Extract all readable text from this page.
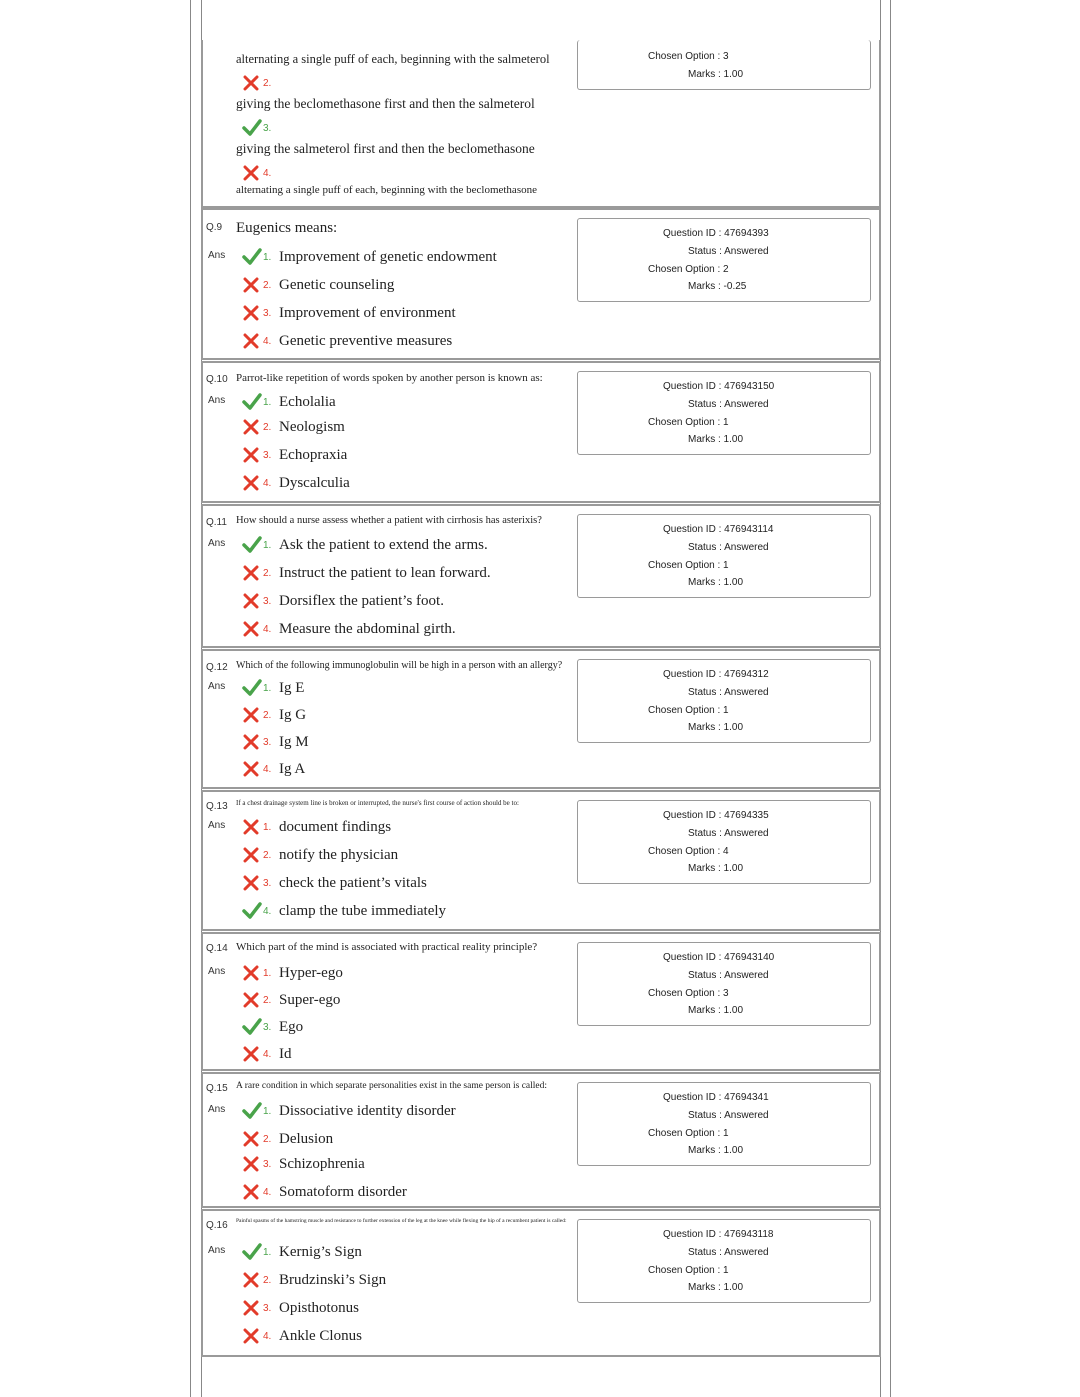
alternating a single puff of each, beginning with the salmeterol
2.
giving the beclomethasone first and then the salmeterol
3.
giving the salmeterol first and then the beclomethasone
4.
alternating a single puff of each, beginning with the beclomethasone
Chosen Option : 3
Marks : 1.00
Q.9 Eugenics means:
Ans	1. Improvement of genetic endowment
2. Genetic counseling
3. Improvement of environment
4. Genetic preventive measures
Question ID : 47694393
Status : Answered
Chosen Option : 2
Marks : -0.25
Q.10 Parrot-like repetition of words spoken by another person is known as:
Ans	1. Echolalia
2. Neologism
3. Echopraxia
4. Dyscalculia
Question ID : 476943150
Status : Answered
Chosen Option : 1
Marks : 1.00
Q.11 How should a nurse assess whether a patient with cirrhosis has asterixis?
Ans	1. Ask the patient to extend the arms.
2. Instruct the patient to lean forward.
3. Dorsiflex the patient’s foot.
4. Measure the abdominal girth.
Question ID : 476943114
Status : Answered
Chosen Option : 1
Marks : 1.00
Q.12 Which of the following immunoglobulin will be high in a person with an allergy?
Ans	1. Ig E
2. Ig G
3. Ig M
4. Ig A
Question ID : 47694312
Status : Answered
Chosen Option : 1
Marks : 1.00
Q.13 If a chest drainage system line is broken or interrupted, the nurse's first course of action should be to:
Ans	1. document findings
2. notify the physician
3. check the patient’s vitals
4. clamp the tube immediately
Question ID : 47694335
Status : Answered
Chosen Option : 4
Marks : 1.00
Q.14 Which part of the mind is associated with practical reality principle?
Ans	1. Hyper-ego
2. Super-ego
3. Ego
4. Id
Question ID : 476943140
Status : Answered
Chosen Option : 3
Marks : 1.00
Q.15 A rare condition in which separate personalities exist in the same person is called:
Ans	1. Dissociative identity disorder
2. Delusion
3. Schizophrenia
4. Somatoform disorder
Question ID : 47694341
Status : Answered
Chosen Option : 1
Marks : 1.00
Q.16 Painful spasms of the hamstring muscle and resistance to further extension of the leg at the knee while flexing the hip of a recumbent patient is called:
Ans	1. Kernig’s Sign
2. Brudzinski’s Sign
3. Opisthotonus
4. Ankle Clonus
Question ID : 476943118
Status : Answered
Chosen Option : 1
Marks : 1.00
